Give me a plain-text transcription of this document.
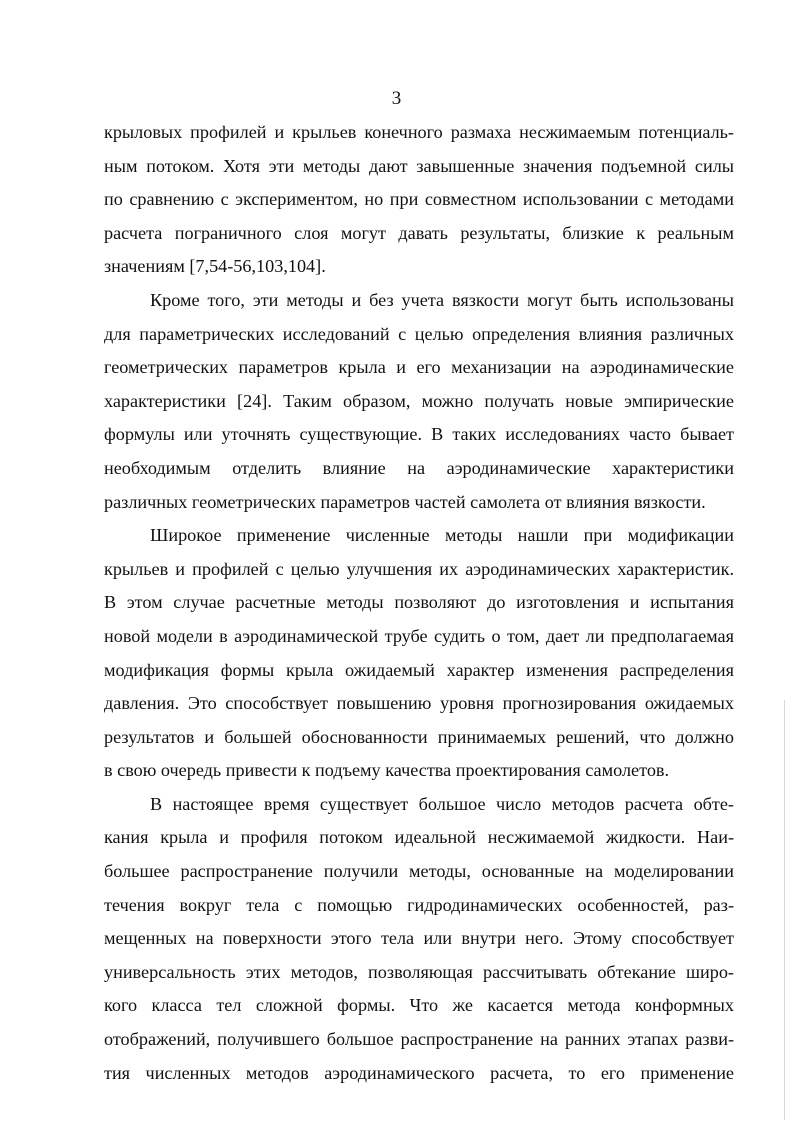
3
крыловых профилей и крыльев конечного размаха несжимаемым потенциаль-
ным потоком. Хотя эти методы дают завышенные значения подъемной силы
по сравнению с экспериментом, но при совместном использовании с методами
расчета пограничного слоя могут давать результаты, близкие к реальным
значениям [7,54-56,103,104].
Кроме того, эти методы и без учета вязкости могут быть использованы
для параметрических исследований с целью определения влияния различных
геометрических параметров крыла и его механизации на аэродинамические
характеристики [24]. Таким образом, можно получать новые эмпирические
формулы или уточнять существующие. В таких исследованиях часто бывает
необходимым отделить влияние на аэродинамические характеристики
различных геометрических параметров частей самолета от влияния вязкости.
Широкое применение численные методы нашли при модификации
крыльев и профилей с целью улучшения их аэродинамических характеристик.
В этом случае расчетные методы позволяют до изготовления и испытания
новой модели в аэродинамической трубе судить о том, дает ли предполагаемая
модификация формы крыла ожидаемый характер изменения распределения
давления. Это способствует повышению уровня прогнозирования ожидаемых
результатов и большей обоснованности принимаемых решений, что должно
в свою очередь привести к подъему качества проектирования самолетов.
В настоящее время существует большое число методов расчета обте-
кания крыла и профиля потоком идеальной несжимаемой жидкости. Наи-
большее распространение получили методы, основанные на моделировании
течения вокруг тела с помощью гидродинамических особенностей, раз-
мещенных на поверхности этого тела или внутри него. Этому способствует
универсальность этих методов, позволяющая рассчитывать обтекание широ-
кого класса тел сложной формы. Что же касается метода конформных
отображений, получившего большое распространение на ранних этапах разви-
тия численных методов аэродинамического расчета, то его применение
